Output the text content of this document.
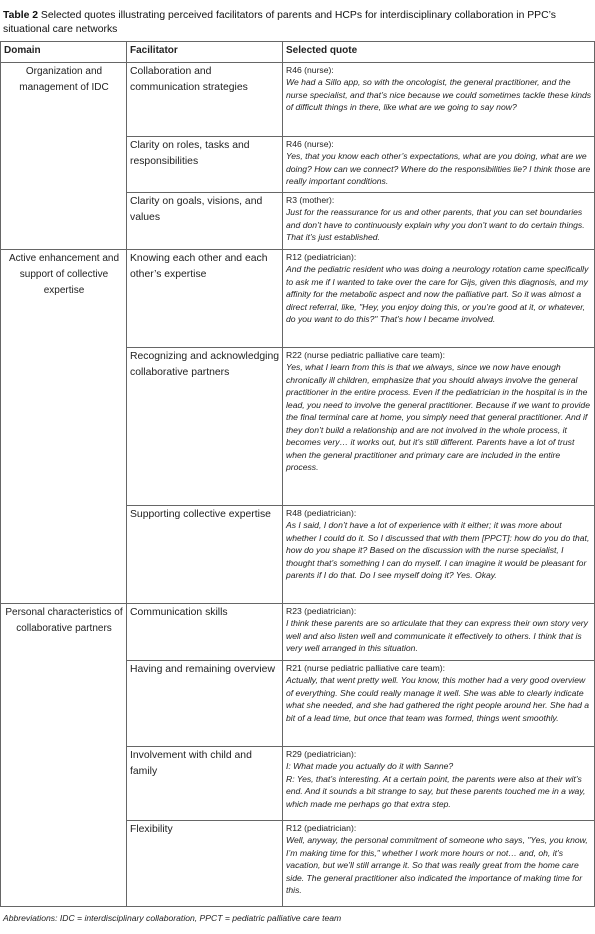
Table 2 Selected quotes illustrating perceived facilitators of parents and HCPs for interdisciplinary collaboration in PPC’s situational care networks
Domain	Facilitator	Selected quote
Organization and management of IDC	Collaboration and communication strategies	R46 (nurse):
We had a Sillo app, so with the oncologist, the general practitioner, and the nurse specialist, and that’s nice because we could sometimes tackle these kinds of difficult things in there, like what are we going to say now?

	Clarity on roles, tasks and responsibilities	R46 (nurse):
Yes, that you know each other’s expectations, what are you doing, what are we doing? How can we connect? Where do the responsibilities lie? I think those are really important conditions.

	Clarity on goals, visions, and values	R3 (mother):
Just for the reassurance for us and other parents, that you can set boundaries and don’t have to continuously explain why you don’t want to do certain things. That it’s just established.

Active enhancement and support of collective expertise	Knowing each other and each other’s expertise	R12 (pediatrician):
And the pediatric resident who was doing a neurology rotation came specifically to ask me if I wanted to take over the care for Gijs, given this diagnosis, and my affinity for the metabolic aspect and now the palliative part. So it was almost a direct referral, like, "Hey, you enjoy doing this, or you’re good at it, or whatever, do you want to do this?" That’s how I became involved.

	Recognizing and acknowledging collaborative partners	R22 (nurse pediatric palliative care team):
Yes, what I learn from this is that we always, since we now have enough chronically ill children, emphasize that you should always involve the general practitioner in the entire process. Even if the pediatrician in the hospital is in the lead, you need to involve the general practitioner. Because if we want to provide the final terminal care at home, you simply need that general practitioner. And if they don’t build a relationship and are not involved in the whole process, it becomes very… it works out, but it’s still different. Parents have a lot of trust when the general practitioner and primary care are included in the entire process.

	Supporting collective expertise	R48 (pediatrician):
As I said, I don’t have a lot of experience with it either; it was more about whether I could do it. So I discussed that with them [PPCT]: how do you do that, how do you shape it? Based on the discussion with the nurse specialist, I thought that’s something I can do myself. I can imagine it would be pleasant for parents if I do that. Do I see myself doing it? Yes. Okay.

Personal characteristics of collaborative partners	Communication skills	R23 (pediatrician):
I think these parents are so articulate that they can express their own story very well and also listen well and communicate it effectively to others. I think that is very well arranged in this situation.

	Having and remaining overview	R21 (nurse pediatric palliative care team):
Actually, that went pretty well. You know, this mother had a very good overview of everything. She could really manage it well. She was able to clearly indicate what she needed, and she had gathered the right people around her. She had a bit of a lead time, but once that team was formed, things went smoothly.

	Involvement with child and family	R29 (pediatrician):
I: What made you actually do it with Sanne?
R: Yes, that’s interesting. At a certain point, the parents were also at their wit’s end. And it sounds a bit strange to say, but these parents touched me in a way, which made me perhaps go that extra step.

	Flexibility	R12 (pediatrician):
Well, anyway, the personal commitment of someone who says, "Yes, you know, I’m making time for this," whether I work more hours or not… and, oh, it’s vacation, but we’ll still arrange it. So that was really great from the home care side. The general practitioner also indicated the importance of making time for this.
Abbreviations: IDC = interdisciplinary collaboration, PPCT = pediatric palliative care team
